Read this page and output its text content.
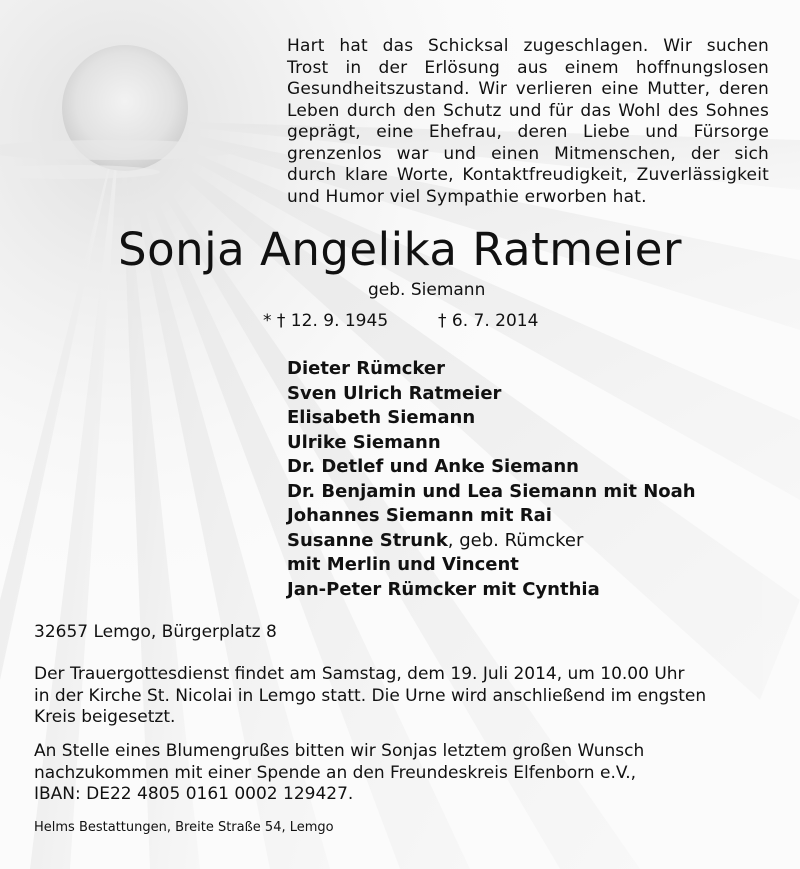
Hart hat das Schicksal zugeschlagen. Wir suchen
Trost in der Erlösung aus einem hoffnungslosen
Gesundheitszustand. Wir verlieren eine Mutter, deren
Leben durch den Schutz und für das Wohl des Sohnes
geprägt, eine Ehefrau, deren Liebe und Fürsorge
grenzenlos war und einen Mitmenschen, der sich
durch klare Worte, Kontaktfreudigkeit, Zuverlässigkeit
und Humor viel Sympathie erworben hat.
Sonja Angelika Ratmeier
geb. Siemann
* † 12. 9. 1945	† 6. 7. 2014
Dieter Rümcker
Sven Ulrich Ratmeier
Elisabeth Siemann
Ulrike Siemann
Dr. Detlef und Anke Siemann
Dr. Benjamin und Lea Siemann mit Noah
Johannes Siemann mit Rai
Susanne Strunk, geb. Rümcker
mit Merlin und Vincent
Jan-Peter Rümcker mit Cynthia
32657 Lemgo, Bürgerplatz 8
Der Trauergottesdienst findet am Samstag, dem 19. Juli 2014, um 10.00 Uhr
in der Kirche St. Nicolai in Lemgo statt. Die Urne wird anschließend im engsten
Kreis beigesetzt.
An Stelle eines Blumengrußes bitten wir Sonjas letztem großen Wunsch
nachzukommen mit einer Spende an den Freundeskreis Elfenborn e.V.,
IBAN: DE22 4805 0161 0002 129427.
Helms Bestattungen, Breite Straße 54, Lemgo
